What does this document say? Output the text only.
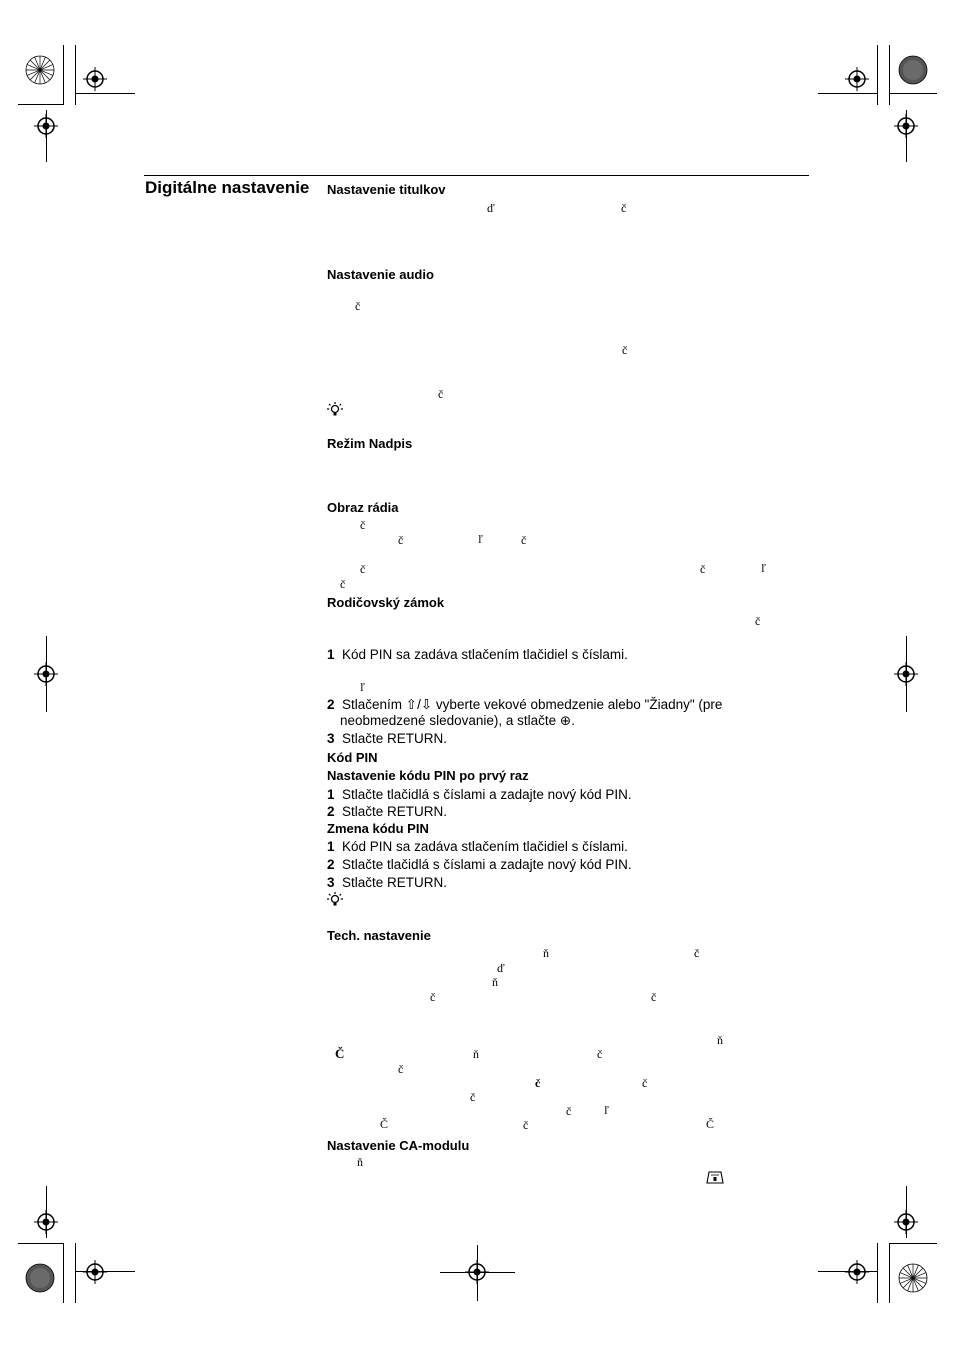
Digitálne nastavenie Nastavenie titulkov
ď	č
Nastavenie audio
č
č
č
Režim Nadpis
Obraz rádia
č
č	ľ	č
č	č	ľ
č
Rodičovský zámok
č
1 Kód PIN sa zadáva stlačením tlačidiel s číslami.
ľ
2 Stlačením ⇧/⇩ vyberte vekové obmedzenie alebo "Žiadny" (pre
neobmedzené sledovanie), a stlačte ⊕.
3 Stlačte RETURN.
Kód PIN
Nastavenie kódu PIN po prvý raz
1 Stlačte tlačidlá s číslami a zadajte nový kód PIN.
2 Stlačte RETURN.
Zmena kódu PIN
1 Kód PIN sa zadáva stlačením tlačidiel s číslami.
2 Stlačte tlačidlá s číslami a zadajte nový kód PIN.
3 Stlačte RETURN.
Tech. nastavenie
ň	č
ď
ň
č	č
ň
Č	ň	č
č
č	č
č
č	ľ
Č	č	Č
Nastavenie CA-modulu
ň
